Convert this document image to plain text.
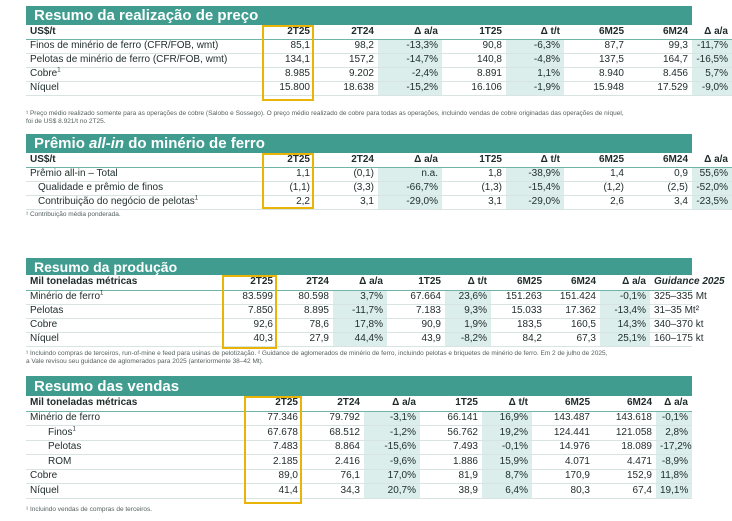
Resumo da realização de preço
US$/t	2T25	2T24	Δ a/a	1T25	Δ t/t	6M25	6M24	Δ a/a
Finos de minério de ferro (CFR/FOB, wmt)	85,1	98,2	-13,3%	90,8	-6,3%	87,7	99,3	-11,7%
Pelotas de minério de ferro (CFR/FOB, wmt)	134,1	157,2	-14,7%	140,8	-4,8%	137,5	164,7	-16,5%
Cobre$^1$	8.985	9.202	-2,4%	8.891	1,1%	8.940	8.456	5,7%
Níquel	15.800	18.638	-15,2%	16.106	-1,9%	15.948	17.529	-9,0%
¹ Preço médio realizado somente para as operações de cobre (Salobo e Sossego). O preço médio realizado de cobre para todas as operações, incluindo vendas de cobre originadas das operações de níquel,
foi de US$ 8.921/t no 2T25.
Prêmio all-in do minério de ferro
US$/t	2T25	2T24	Δ a/a	1T25	Δ t/t	6M25	6M24	Δ a/a
Prêmio all-in – Total	1,1	(0,1)	n.a.	1,8	-38,9%	1,4	0,9	55,6%
Qualidade e prêmio de finos	(1,1)	(3,3)	-66,7%	(1,3)	-15,4%	(1,2)	(2,5)	-52,0%
Contribuição do negócio de pelotas$^1$	2,2	3,1	-29,0%	3,1	-29,0%	2,6	3,4	-23,5%
¹ Contribuição média ponderada.
Resumo da produção
Mil toneladas métricas	2T25	2T24	Δ a/a	1T25	Δ t/t	6M25	6M24	Δ a/a	Guidance 2025
Minério de ferro$^1$	83.599	80.598	3,7%	67.664	23,6%	151.263	151.424	-0,1%	325–335 Mt
Pelotas	7.850	8.895	-11,7%	7.183	9,3%	15.033	17.362	-13,4%	31–35 Mt²
Cobre	92,6	78,6	17,8%	90,9	1,9%	183,5	160,5	14,3%	340–370 kt
Níquel	40,3	27,9	44,4%	43,9	-8,2%	84,2	67,3	25,1%	160–175 kt
¹ Incluindo compras de terceiros, run-of-mine e feed para usinas de pelotização. ² Guidance de aglomerados de minério de ferro, incluindo pelotas e briquetes de minério de ferro. Em 2 de julho de 2025,
a Vale revisou seu guidance de aglomerados para 2025 (anteriormente 38–42 Mt).
Resumo das vendas
Mil toneladas métricas	2T25	2T24	Δ a/a	1T25	Δ t/t	6M25	6M24	Δ a/a
Minério de ferro	77.346	79.792	-3,1%	66.141	16,9%	143.487	143.618	-0,1%
Finos$^1$	67.678	68.512	-1,2%	56.762	19,2%	124.441	121.058	2,8%
Pelotas	7.483	8.864	-15,6%	7.493	-0,1%	14.976	18.089	-17,2%
ROM	2.185	2.416	-9,6%	1.886	15,9%	4.071	4.471	-8,9%
Cobre	89,0	76,1	17,0%	81,9	8,7%	170,9	152,9	11,8%
Níquel	41,4	34,3	20,7%	38,9	6,4%	80,3	67,4	19,1%
¹ Incluindo vendas de compras de terceiros.
